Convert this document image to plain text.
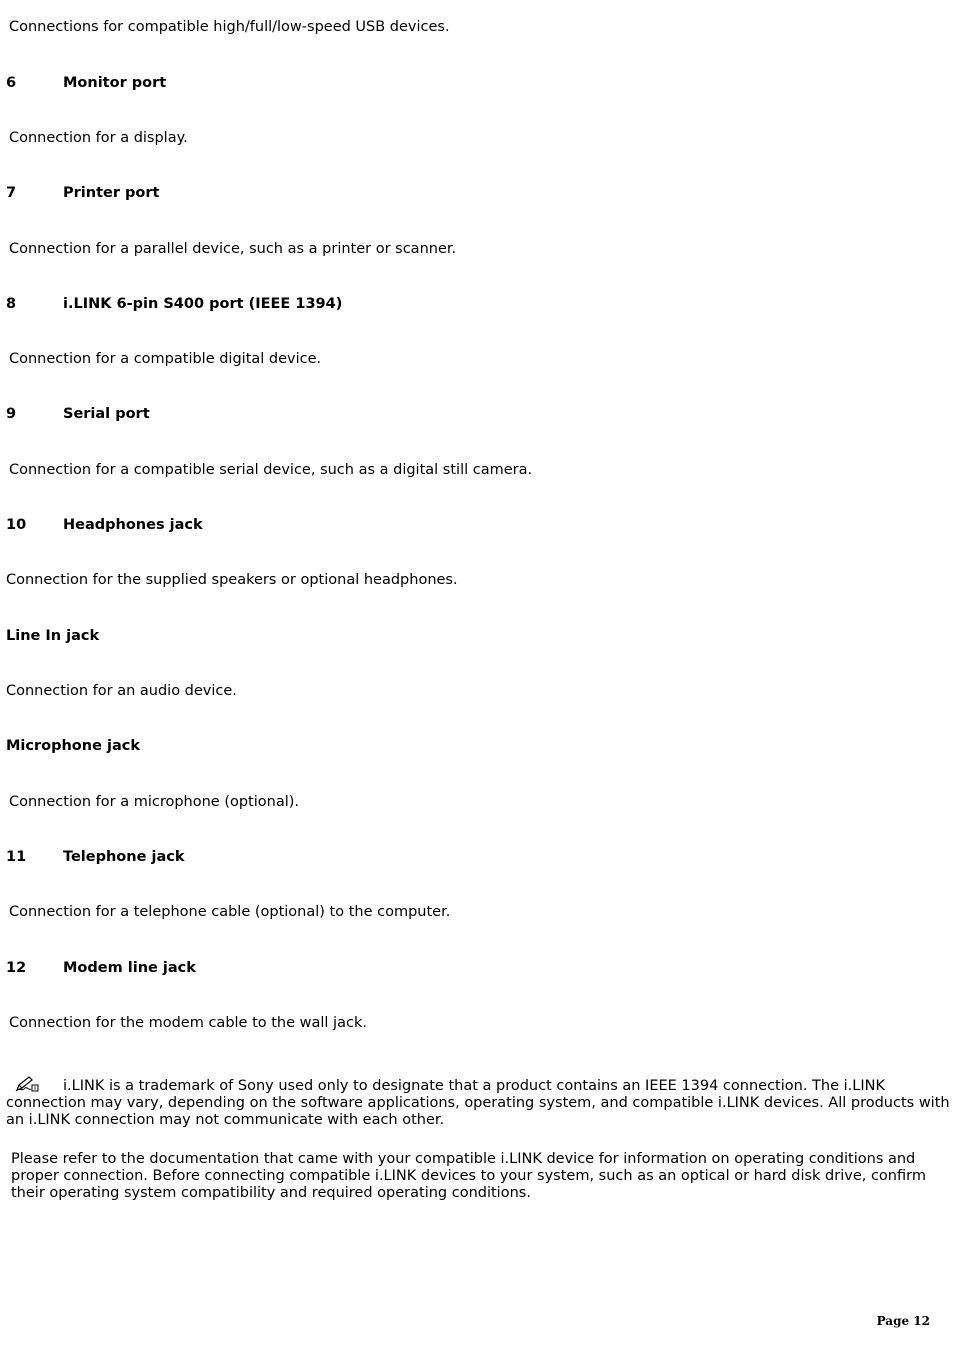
Connections for compatible high/full/low-speed USB devices.
6	Monitor port
Connection for a display.
7	Printer port
Connection for a parallel device, such as a printer or scanner.
8	i.LINK 6-pin S400 port (IEEE 1394)
Connection for a compatible digital device.
9	Serial port
Connection for a compatible serial device, such as a digital still camera.
10	Headphones jack
Connection for the supplied speakers or optional headphones.
Line In jack
Connection for an audio device.
Microphone jack
Connection for a microphone (optional).
11	Telephone jack
Connection for a telephone cable (optional) to the computer.
12	Modem line jack
Connection for the modem cable to the wall jack.
i.LINK is a trademark of Sony used only to designate that a product contains an IEEE 1394 connection. The i.LINK connection may vary, depending on the software applications, operating system, and compatible i.LINK devices. All products with an i.LINK connection may not communicate with each other.
Please refer to the documentation that came with your compatible i.LINK device for information on operating conditions and proper connection. Before connecting compatible i.LINK devices to your system, such as an optical or hard disk drive, confirm their operating system compatibility and required operating conditions.
Page 12
